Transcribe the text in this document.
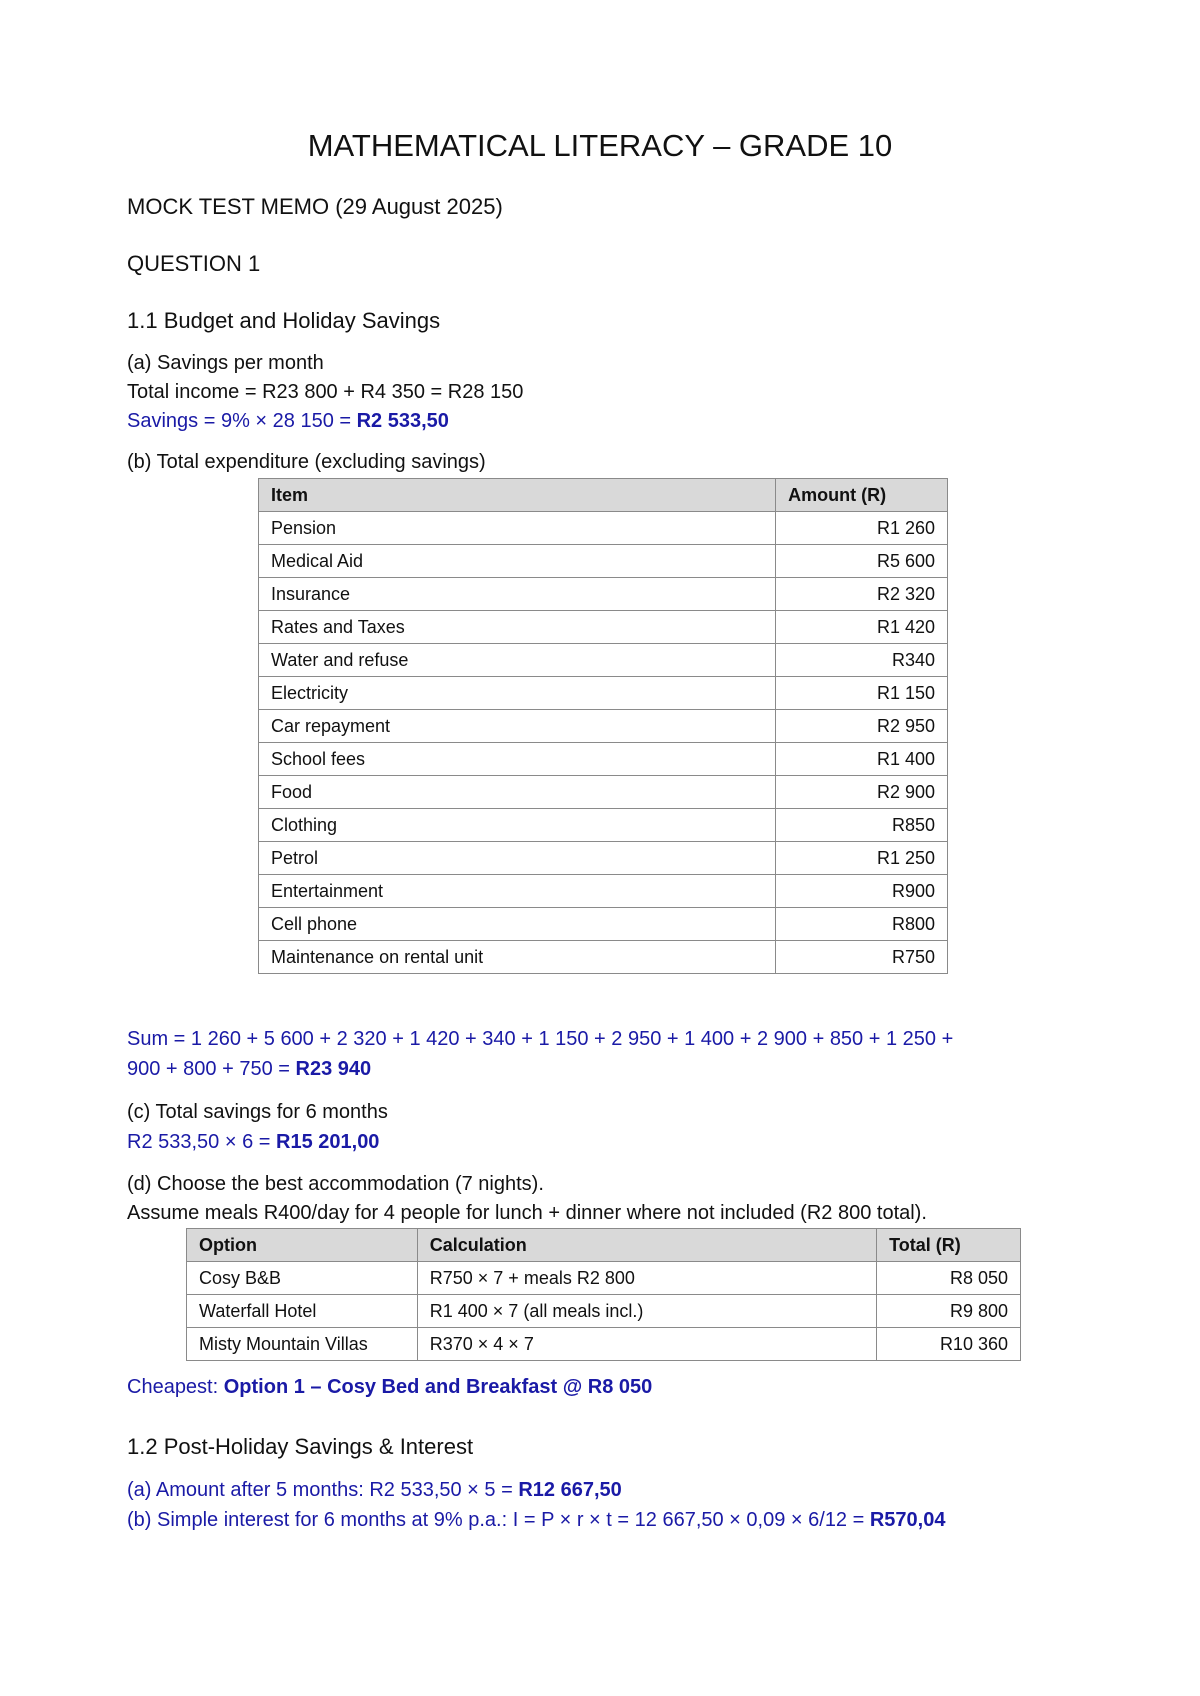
MATHEMATICAL LITERACY – GRADE 10

MOCK TEST MEMO (29 August 2025)

QUESTION 1

1.1 Budget and Holiday Savings

(a) Savings per month

Total income = R23 800 + R4 350 = R28 150

Savings = 9% × 28 150 = R2 533,50

(b) Total expenditure (excluding savings)

Item	Amount (R)
Pension	R1 260
Medical Aid	R5 600
Insurance	R2 320
Rates and Taxes	R1 420
Water and refuse	R340
Electricity	R1 150
Car repayment	R2 950
School fees	R1 400
Food	R2 900
Clothing	R850
Petrol	R1 250
Entertainment	R900
Cell phone	R800
Maintenance on rental unit	R750

Sum = 1 260 + 5 600 + 2 320 + 1 420 + 340 + 1 150 + 2 950 + 1 400 + 2 900 + 850 + 1 250 +

900 + 800 + 750 = R23 940

(c) Total savings for 6 months

R2 533,50 × 6 = R15 201,00

(d) Choose the best accommodation (7 nights).

Assume meals R400/day for 4 people for lunch + dinner where not included (R2 800 total).

Option	Calculation	Total (R)
Cosy B&B	R750 × 7 + meals R2 800	R8 050
Waterfall Hotel	R1 400 × 7 (all meals incl.)	R9 800
Misty Mountain Villas	R370 × 4 × 7	R10 360

Cheapest: Option 1 – Cosy Bed and Breakfast @ R8 050

1.2 Post-Holiday Savings & Interest

(a) Amount after 5 months: R2 533,50 × 5 = R12 667,50

(b) Simple interest for 6 months at 9% p.a.: I = P × r × t = 12 667,50 × 0,09 × 6/12 = R570,04
